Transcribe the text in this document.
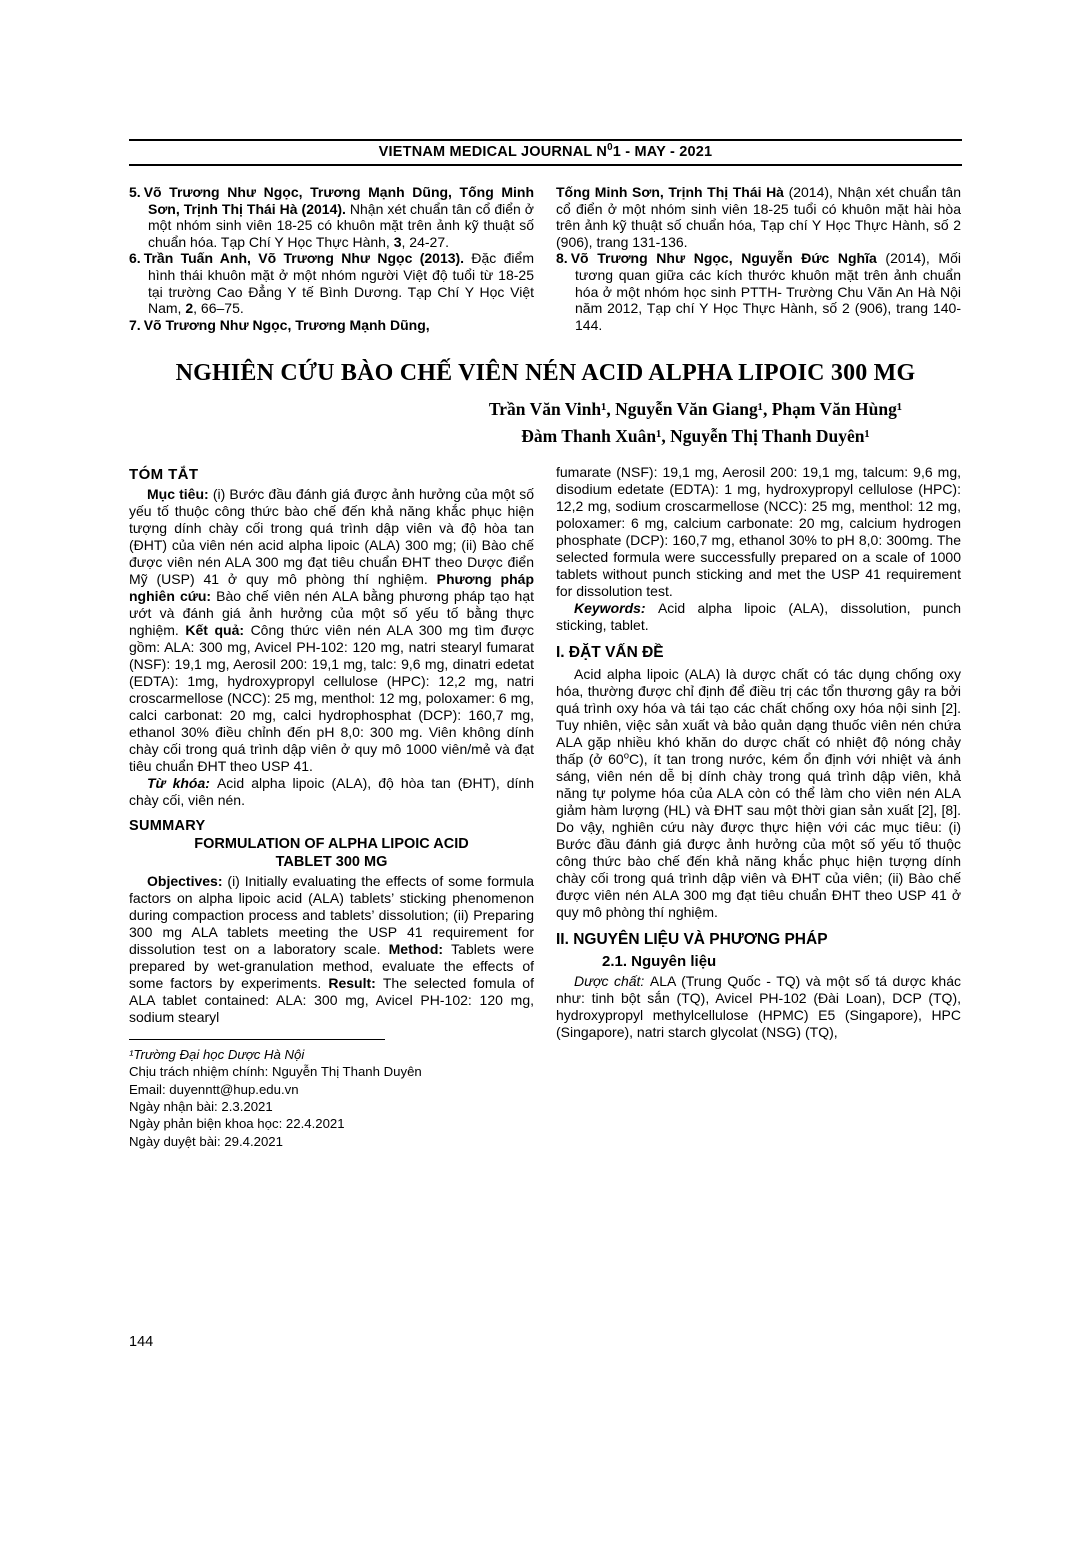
VIETNAM MEDICAL JOURNAL $N^01$ - MAY - 2021
5. Võ Trương Như Ngọc, Trương Mạnh Dũng, Tống Minh Sơn, Trịnh Thị Thái Hà (2014). Nhận xét chuẩn tân cổ điển ở một nhóm sinh viên 18-25 có khuôn mặt trên ảnh kỹ thuật số chuẩn hóa. Tạp Chí Y Học Thực Hành, 3, 24-27.
6. Trần Tuấn Anh, Võ Trương Như Ngọc (2013). Đặc điểm hình thái khuôn mặt ở một nhóm người Việt độ tuổi từ 18-25 tại trường Cao Đẳng Y tế Bình Dương. Tạp Chí Y Học Việt Nam, 2, 66–75.
7. Võ Trương Như Ngọc, Trương Mạnh Dũng,
Tống Minh Sơn, Trịnh Thị Thái Hà (2014), Nhận xét chuẩn tân cổ điển ở một nhóm sinh viên 18-25 tuổi có khuôn mặt hài hòa trên ảnh kỹ thuật số chuẩn hóa, Tạp chí Y Học Thực Hành, số 2 (906), trang 131-136.
8. Võ Trương Như Ngọc, Nguyễn Đức Nghĩa (2014), Mối tương quan giữa các kích thước khuôn mặt trên ảnh chuẩn hóa ở một nhóm học sinh PTTH- Trường Chu Văn An Hà Nội năm 2012, Tạp chí Y Học Thực Hành, số 2 (906), trang 140-144.
NGHIÊN CỨU BÀO CHẾ VIÊN NÉN ACID ALPHA LIPOIC 300 MG
Trần Văn Vinh¹, Nguyễn Văn Giang¹, Phạm Văn Hùng¹
Đàm Thanh Xuân¹, Nguyễn Thị Thanh Duyên¹
TÓM TẮT
Mục tiêu: (i) Bước đầu đánh giá được ảnh hưởng của một số yếu tố thuộc công thức bào chế đến khả năng khắc phục hiện tượng dính chày cối trong quá trình dập viên và độ hòa tan (ĐHT) của viên nén acid alpha lipoic (ALA) 300 mg; (ii) Bào chế được viên nén ALA 300 mg đạt tiêu chuẩn ĐHT theo Dược điển Mỹ (USP) 41 ở quy mô phòng thí nghiệm. Phương pháp nghiên cứu: Bào chế viên nén ALA bằng phương pháp tạo hạt ướt và đánh giá ảnh hưởng của một số yếu tố bằng thực nghiệm. Kết quả: Công thức viên nén ALA 300 mg tìm được gồm: ALA: 300 mg, Avicel PH-102: 120 mg, natri stearyl fumarat (NSF): 19,1 mg, Aerosil 200: 19,1 mg, talc: 9,6 mg, dinatri edetat (EDTA): 1mg, hydroxypropyl cellulose (HPC): 12,2 mg, natri croscarmellose (NCC): 25 mg, menthol: 12 mg, poloxamer: 6 mg, calci carbonat: 20 mg, calci hydrophosphat (DCP): 160,7 mg, ethanol 30% điều chỉnh đến pH 8,0: 300 mg. Viên không dính chày cối trong quá trình dập viên ở quy mô 1000 viên/mẻ và đạt tiêu chuẩn ĐHT theo USP 41.
Từ khóa: Acid alpha lipoic (ALA), độ hòa tan (ĐHT), dính chày cối, viên nén.
SUMMARY
FORMULATION OF ALPHA LIPOIC ACID
TABLET 300 MG
Objectives: (i) Initially evaluating the effects of some formula factors on alpha lipoic acid (ALA) tablets’ sticking phenomenon during compaction process and tablets’ dissolution; (ii) Preparing 300 mg ALA tablets meeting the USP 41 requirement for dissolution test on a laboratory scale. Method: Tablets were prepared by wet-granulation method, evaluate the effects of some factors by experiments. Result: The selected fomula of ALA tablet contained: ALA: 300 mg, Avicel PH-102: 120 mg, sodium stearyl
¹Trường Đại học Dược Hà Nội
Chịu trách nhiệm chính: Nguyễn Thị Thanh Duyên
Email: duyenntt@hup.edu.vn
Ngày nhận bài: 2.3.2021
Ngày phản biện khoa học: 22.4.2021
Ngày duyệt bài: 29.4.2021
fumarate (NSF): 19,1 mg, Aerosil 200: 19,1 mg, talcum: 9,6 mg, disodium edetate (EDTA): 1 mg, hydroxypropyl cellulose (HPC): 12,2 mg, sodium croscarmellose (NCC): 25 mg, menthol: 12 mg, poloxamer: 6 mg, calcium carbonate: 20 mg, calcium hydrogen phosphate (DCP): 160,7 mg, ethanol 30% to pH 8,0: 300mg. The selected formula were successfully prepared on a scale of 1000 tablets without punch sticking and met the USP 41 requirement for dissolution test.
Keywords: Acid alpha lipoic (ALA), dissolution, punch sticking, tablet.
I. ĐẶT VẤN ĐỀ
Acid alpha lipoic (ALA) là dược chất có tác dụng chống oxy hóa, thường được chỉ định để điều trị các tổn thương gây ra bởi quá trình oxy hóa và tái tạo các chất chống oxy hóa nội sinh [2]. Tuy nhiên, việc sản xuất và bảo quản dạng thuốc viên nén chứa ALA gặp nhiều khó khăn do dược chất có nhiệt độ nóng chảy thấp (ở 60$^o$C), ít tan trong nước, kém ổn định với nhiệt và ánh sáng, viên nén dễ bị dính chày trong quá trình dập viên, khả năng tự polyme hóa của ALA còn có thể làm cho viên nén ALA giảm hàm lượng (HL) và ĐHT sau một thời gian sản xuất [2], [8]. Do vậy, nghiên cứu này được thực hiện với các mục tiêu: (i) Bước đầu đánh giá được ảnh hưởng của một số yếu tố thuộc công thức bào chế đến khả năng khắc phục hiện tượng dính chày cối trong quá trình dập viên và ĐHT của viên; (ii) Bào chế được viên nén ALA 300 mg đạt tiêu chuẩn ĐHT theo USP 41 ở quy mô phòng thí nghiệm.
II. NGUYÊN LIỆU VÀ PHƯƠNG PHÁP
2.1. Nguyên liệu
Dược chất: ALA (Trung Quốc - TQ) và một số tá dược khác như: tinh bột sắn (TQ), Avicel PH-102 (Đài Loan), DCP (TQ), hydroxypropyl methylcellulose (HPMC) E5 (Singapore), HPC (Singapore), natri starch glycolat (NSG) (TQ),
144
